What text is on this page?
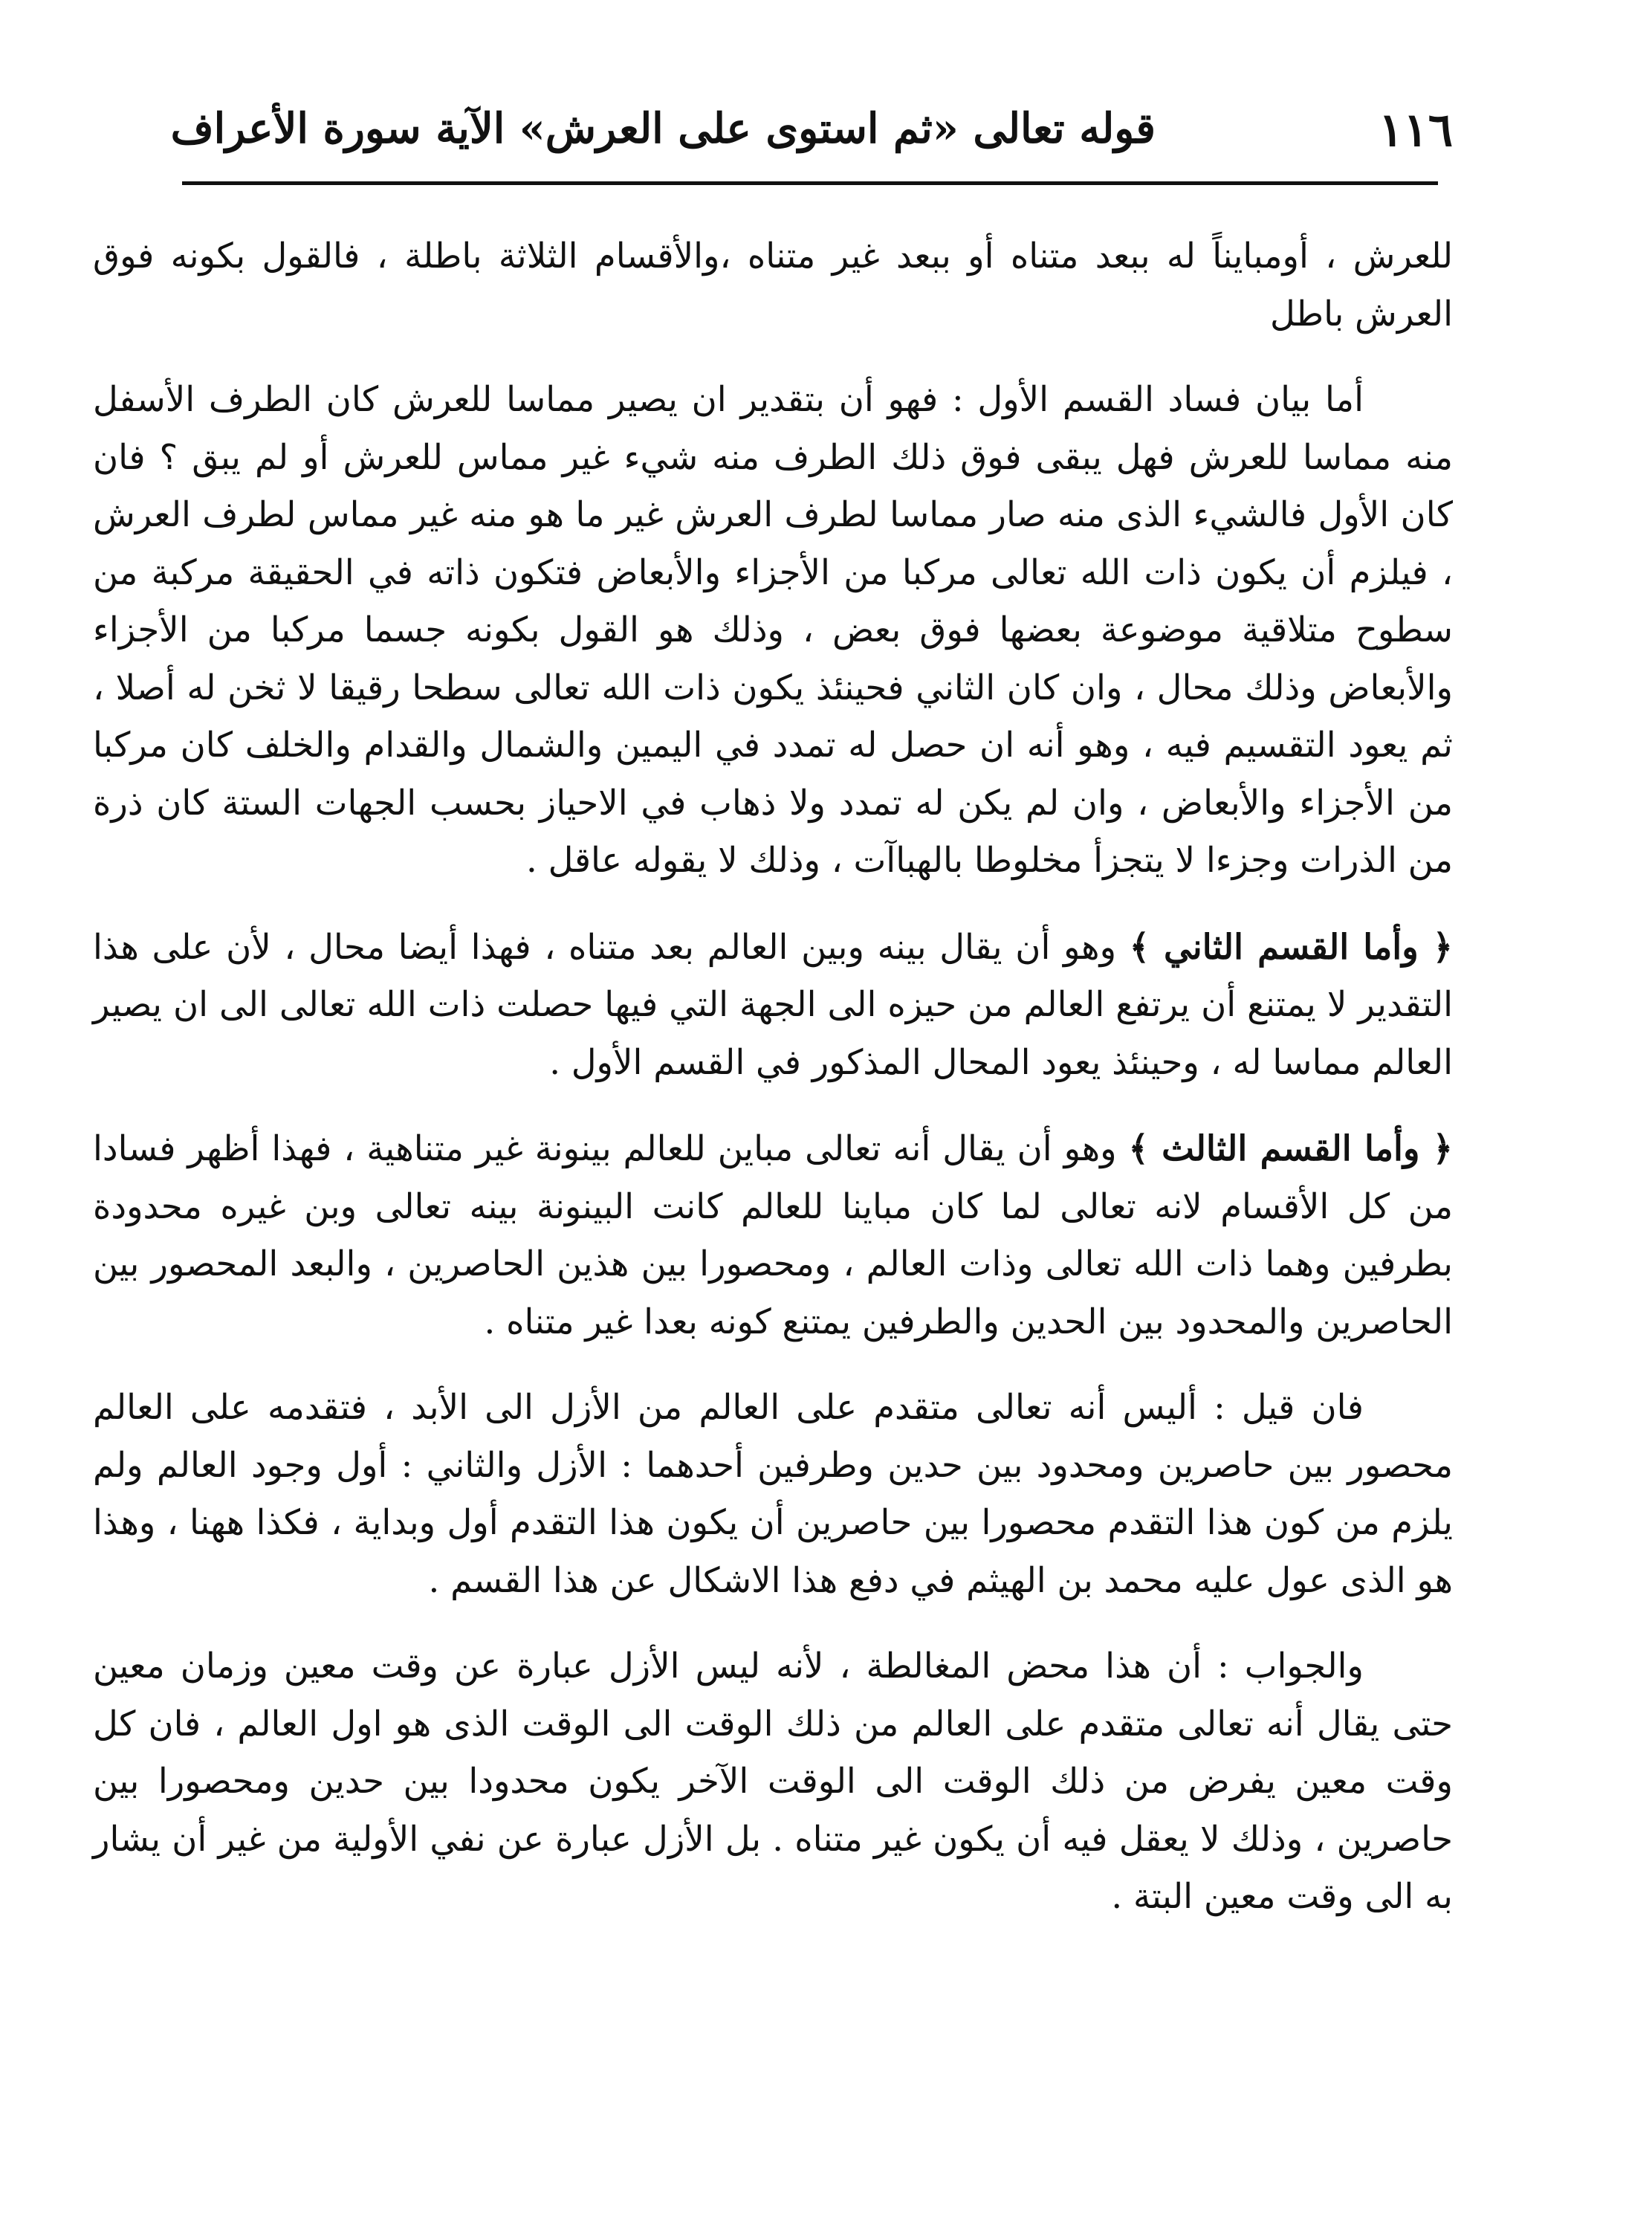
١١٦
قوله تعالى «ثم استوى على العرش» الآية سورة الأعراف

للعرش ، أومبايناً له ببعد متناه أو ببعد غير متناه ،والأقسام الثلاثة باطلة ، فالقول بكونه فوق العرش باطل

أما بيان فساد القسم الأول : فهو أن بتقدير ان يصير مماسا للعرش كان الطرف الأسفل منه مماسا للعرش فهل يبقى فوق ذلك الطرف منه شيء غير مماس للعرش أو لم يبق ؟ فان كان الأول فالشيء الذى منه صار مماسا لطرف العرش غير ما هو منه غير مماس لطرف العرش ، فيلزم أن يكون ذات الله تعالى مركبا من الأجزاء والأبعاض فتكون ذاته في الحقيقة مركبة من سطوح متلاقية موضوعة بعضها فوق بعض ، وذلك هو القول بكونه جسما مركبا من الأجزاء والأبعاض وذلك محال ، وان كان الثاني فحينئذ يكون ذات الله تعالى سطحا رقيقا لا ثخن له أصلا ، ثم يعود التقسيم فيه ، وهو أنه ان حصل له تمدد في اليمين والشمال والقدام والخلف كان مركبا من الأجزاء والأبعاض ، وان لم يكن له تمدد ولا ذهاب في الاحياز بحسب الجهات الستة كان ذرة من الذرات وجزءا لا يتجزأ مخلوطا بالهباآت ، وذلك لا يقوله عاقل .

﴿ وأما القسم الثاني ﴾ وهو أن يقال بينه وبين العالم بعد متناه ، فهذا أيضا محال ، لأن على هذا التقدير لا يمتنع أن يرتفع العالم من حيزه الى الجهة التي فيها حصلت ذات الله تعالى الى ان يصير العالم مماسا له ، وحينئذ يعود المحال المذكور في القسم الأول .

﴿ وأما القسم الثالث ﴾ وهو أن يقال أنه تعالى مباين للعالم بينونة غير متناهية ، فهذا أظهر فسادا من كل الأقسام لانه تعالى لما كان مباينا للعالم كانت البينونة بينه تعالى وبن غيره محدودة بطرفين وهما ذات الله تعالى وذات العالم ، ومحصورا بين هذين الحاصرين ، والبعد المحصور بين الحاصرين والمحدود بين الحدين والطرفين يمتنع كونه بعدا غير متناه .

فان قيل : أليس أنه تعالى متقدم على العالم من الأزل الى الأبد ، فتقدمه على العالم محصور بين حاصرين ومحدود بين حدين وطرفين أحدهما : الأزل والثاني : أول وجود العالم ولم يلزم من كون هذا التقدم محصورا بين حاصرين أن يكون هذا التقدم أول وبداية ، فكذا ههنا ، وهذا هو الذى عول عليه محمد بن الهيثم في دفع هذا الاشكال عن هذا القسم .

والجواب : أن هذا محض المغالطة ، لأنه ليس الأزل عبارة عن وقت معين وزمان معين حتى يقال أنه تعالى متقدم على العالم من ذلك الوقت الى الوقت الذى هو اول العالم ، فان كل وقت معين يفرض من ذلك الوقت الى الوقت الآخر يكون محدودا بين حدين ومحصورا بين حاصرين ، وذلك لا يعقل فيه أن يكون غير متناه . بل الأزل عبارة عن نفي الأولية من غير أن يشار به الى وقت معين البتة .
